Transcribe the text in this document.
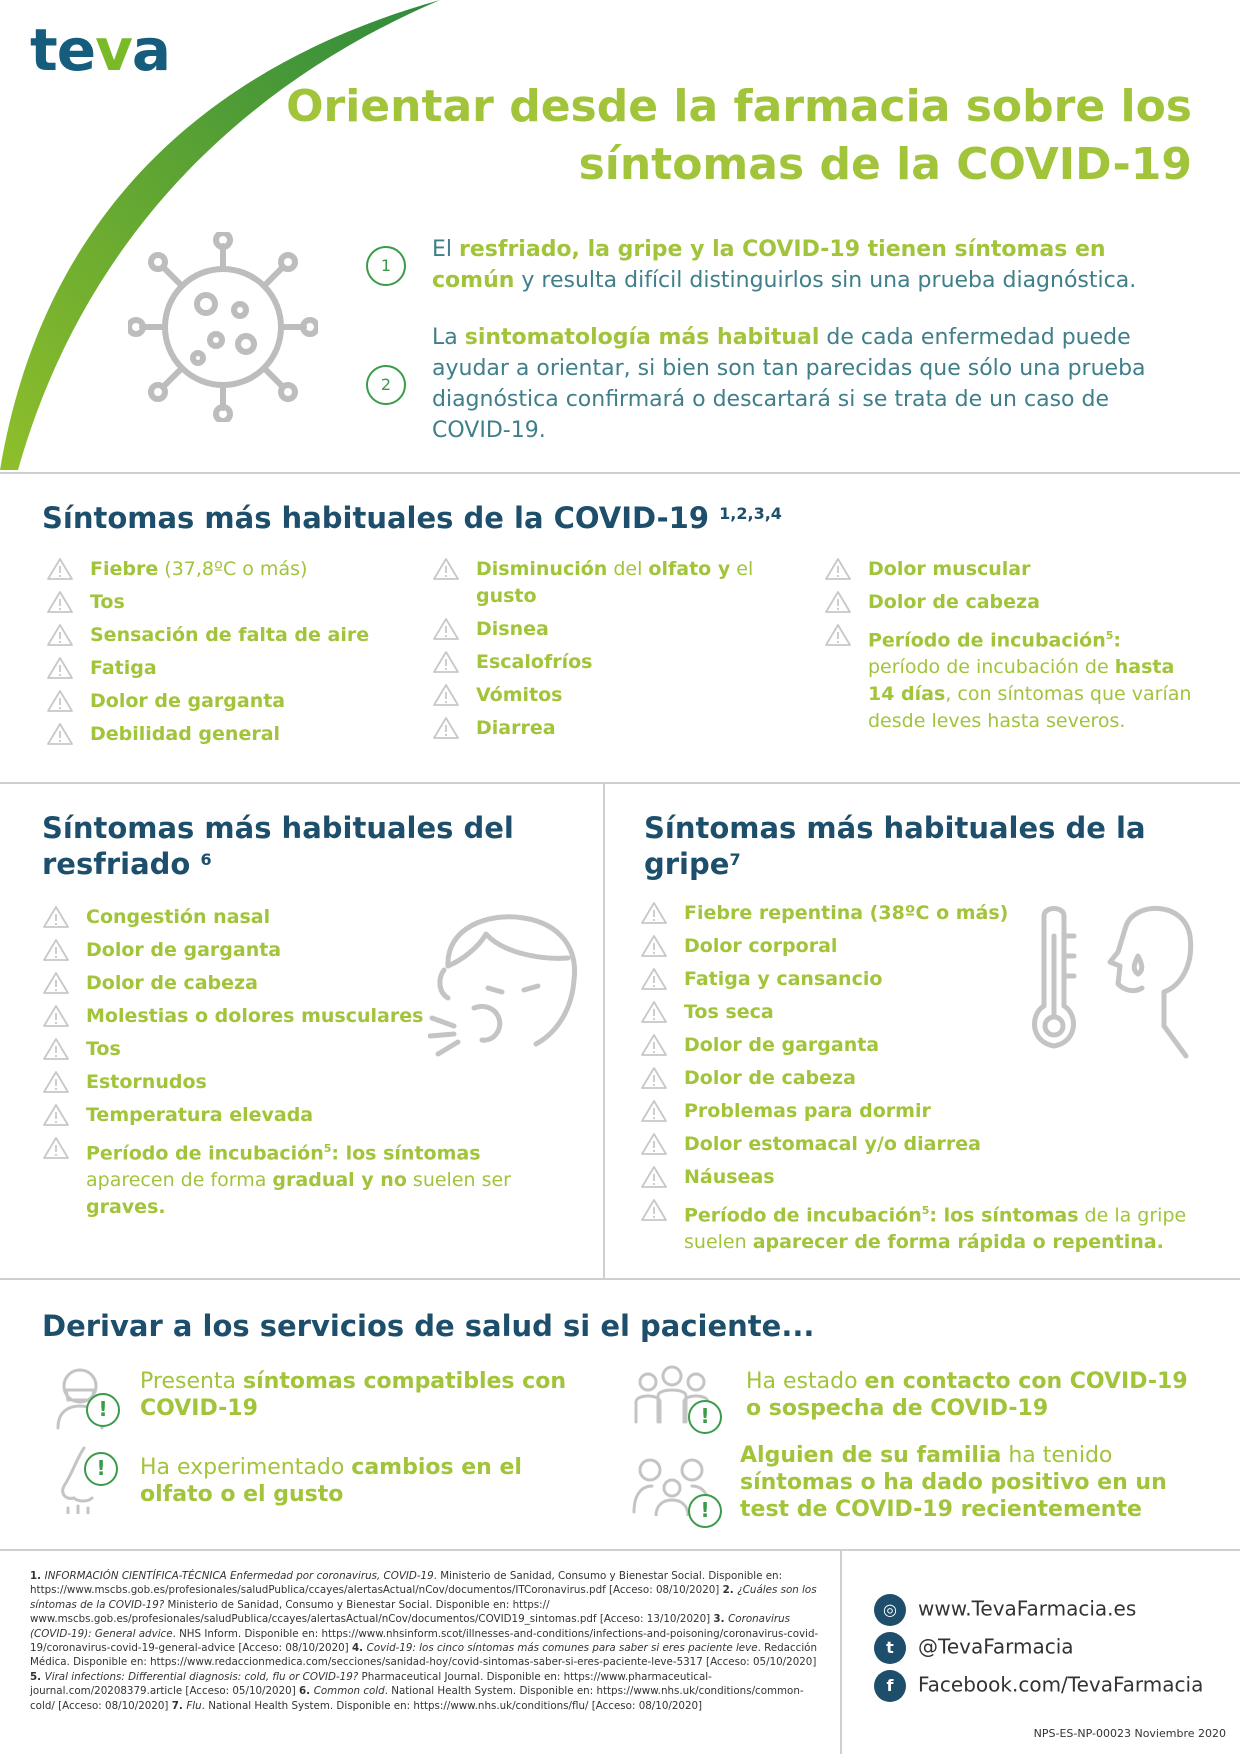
teva
Orientar desde la farmacia sobre los
síntomas de la COVID-19
1
El resfriado, la gripe y la COVID-19 tienen síntomas en común y resulta difícil distinguirlos sin una prueba diagnóstica.
2
La sintomatología más habitual de cada enfermedad puede ayudar a orientar, si bien son tan parecidas que sólo una prueba diagnóstica confirmará o descartará si se trata de un caso de COVID-19.
Síntomas más habituales de la COVID-19 $^{1,2,3,4}$
Fiebre (37,8ºC o más)
Tos
Sensación de falta de aire
Fatiga
Dolor de garganta
Debilidad general
Disminución del olfato y el gusto
Disnea
Escalofríos
Vómitos
Diarrea
Dolor muscular
Dolor de cabeza
Período de incubación$^5$: período de incubación de hasta 14 días, con síntomas que varían desde leves hasta severos.
Síntomas más habituales del
resfriado $^6$
Congestión nasal
Dolor de garganta
Dolor de cabeza
Molestias o dolores musculares
Tos
Estornudos
Temperatura elevada
Período de incubación$^5$: los síntomas aparecen de forma gradual y no suelen ser graves.
Síntomas más habituales de la
gripe$^7$
Fiebre repentina (38ºC o más)
Dolor corporal
Fatiga y cansancio
Tos seca
Dolor de garganta
Dolor de cabeza
Problemas para dormir
Dolor estomacal y/o diarrea
Náuseas
Período de incubación$^5$: los síntomas de la gripe suelen aparecer de forma rápida o repentina.
Derivar a los servicios de salud si el paciente...
!
Presenta síntomas compatibles con COVID-19
!	Ha experimentado cambios en el olfato o el gusto
!
Ha estado en contacto con COVID-19 o sospecha de COVID-19
!
Alguien de su familia ha tenido síntomas o ha dado positivo en un test de COVID-19 recientemente
1. INFORMACIÓN CIENTÍFICA-TÉCNICA Enfermedad por coronavirus, COVID-19. Ministerio de Sanidad, Consumo y Bienestar Social. Disponible en: https://www.mscbs.gob.es/profesionales/saludPublica/ccayes/alertasActual/nCov/documentos/ITCoronavirus.pdf [Acceso: 08/10/2020] 2. ¿Cuáles son los síntomas de la COVID-19? Ministerio de Sanidad, Consumo y Bienestar Social. Disponible en: https:// www.mscbs.gob.es/profesionales/saludPublica/ccayes/alertasActual/nCov/documentos/COVID19_sintomas.pdf [Acceso: 13/10/2020] 3. Coronavirus (COVID-19): General advice. NHS Inform. Disponible en: https://www.nhsinform.scot/illnesses-and-conditions/infections-and-poisoning/coronavirus-covid-19/coronavirus-covid-19-general-advice [Acceso: 08/10/2020] 4. Covid-19: los cinco síntomas más comunes para saber si eres paciente leve. Redacción Médica. Disponible en: https://www.redaccionmedica.com/secciones/sanidad-hoy/covid-sintomas-saber-si-eres-paciente-leve-5317 [Acceso: 05/10/2020] 5. Viral infections: Differential diagnosis: cold, flu or COVID-19? Pharmaceutical Journal. Disponible en: https://www.pharmaceutical-journal.com/20208379.article [Acceso: 05/10/2020] 6. Common cold. National Health System. Disponible en: https://www.nhs.uk/conditions/common-cold/ [Acceso: 08/10/2020] 7. Flu. National Health System. Disponible en: https://www.nhs.uk/conditions/flu/ [Acceso: 08/10/2020]
◎ www.TevaFarmacia.es
t @TevaFarmacia
f Facebook.com/TevaFarmacia
NPS-ES-NP-00023 Noviembre 2020
